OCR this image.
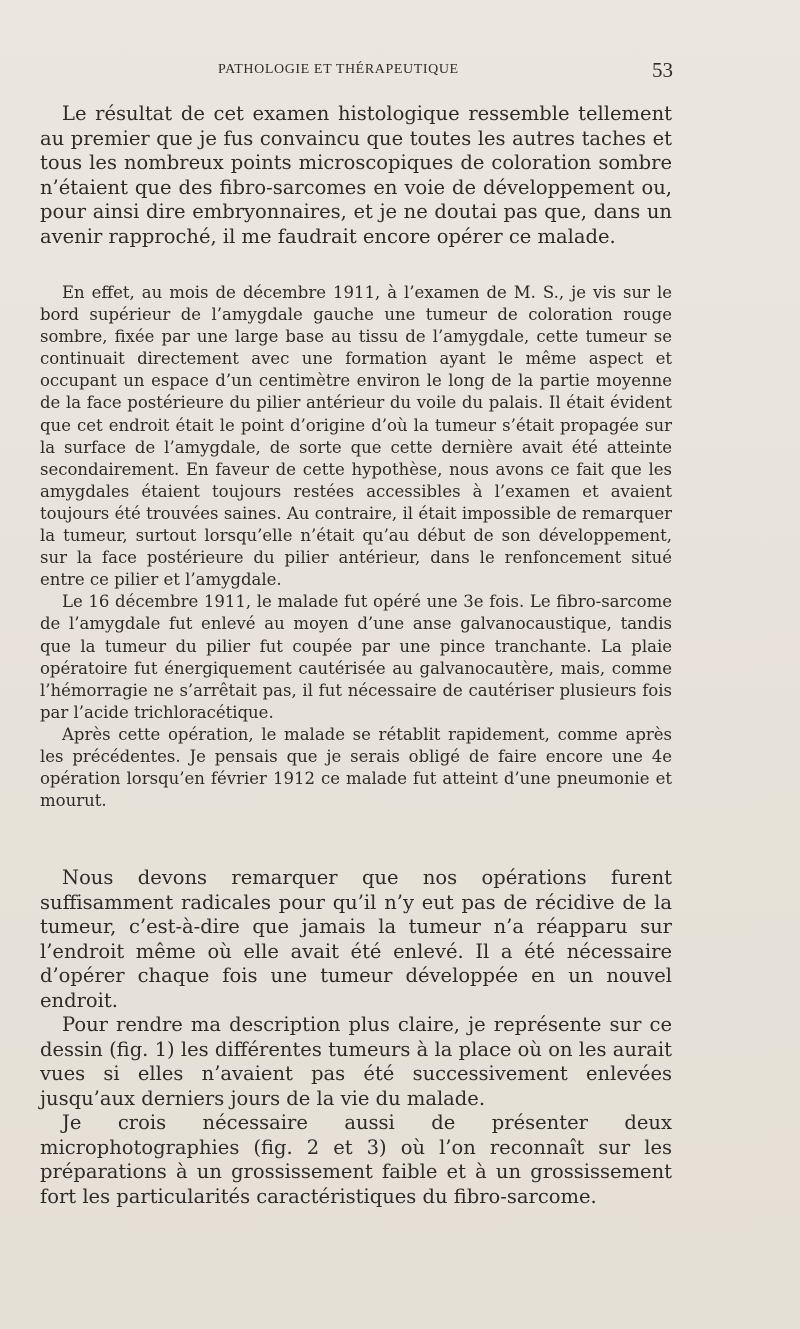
PATHOLOGIE ET THÉRAPEUTIQUE	53

Le résultat de cet examen histologique ressemble tellement au premier que je fus convaincu que toutes les autres taches et tous les nombreux points microscopiques de coloration sombre n’étaient que des fibro-sarcomes en voie de développement ou, pour ainsi dire embryonnaires, et je ne doutai pas que, dans un avenir rapproché, il me faudrait encore opérer ce malade.

En effet, au mois de décembre 1911, à l’examen de M. S., je vis sur le bord supérieur de l’amygdale gauche une tumeur de coloration rouge sombre, fixée par une large base au tissu de l’amygdale, cette tumeur se continuait directement avec une formation ayant le même aspect et occupant un espace d’un centimètre environ le long de la partie moyenne de la face postérieure du pilier antérieur du voile du palais. Il était évident que cet endroit était le point d’origine d’où la tumeur s’était propagée sur la surface de l’amygdale, de sorte que cette dernière avait été atteinte secondairement. En faveur de cette hypothèse, nous avons ce fait que les amygdales étaient toujours restées accessibles à l’examen et avaient toujours été trouvées saines. Au contraire, il était impossible de remarquer la tumeur, surtout lorsqu’elle n’était qu’au début de son développement, sur la face postérieure du pilier antérieur, dans le renfoncement situé entre ce pilier et l’amygdale.

Le 16 décembre 1911, le malade fut opéré une 3e fois. Le fibro-sarcome de l’amygdale fut enlevé au moyen d’une anse galvanocaustique, tandis que la tumeur du pilier fut coupée par une pince tranchante. La plaie opératoire fut énergiquement cautérisée au galvanocautère, mais, comme l’hémorragie ne s’arrêtait pas, il fut nécessaire de cautériser plusieurs fois par l’acide trichloracétique.

Après cette opération, le malade se rétablit rapidement, comme après les précédentes. Je pensais que je serais obligé de faire encore une 4e opération lorsqu’en février 1912 ce malade fut atteint d’une pneumonie et mourut.

Nous devons remarquer que nos opérations furent suffisamment radicales pour qu’il n’y eut pas de récidive de la tumeur, c’est-à-dire que jamais la tumeur n’a réapparu sur l’endroit même où elle avait été enlevé. Il a été nécessaire d’opérer chaque fois une tumeur développée en un nouvel endroit.

Pour rendre ma description plus claire, je représente sur ce dessin (fig. 1) les différentes tumeurs à la place où on les aurait vues si elles n’avaient pas été successivement enlevées jusqu’aux derniers jours de la vie du malade.

Je crois nécessaire aussi de présenter deux microphotographies (fig. 2 et 3) où l’on reconnaît sur les préparations à un grossissement faible et à un grossissement fort les particularités caractéristiques du fibro-sarcome.
